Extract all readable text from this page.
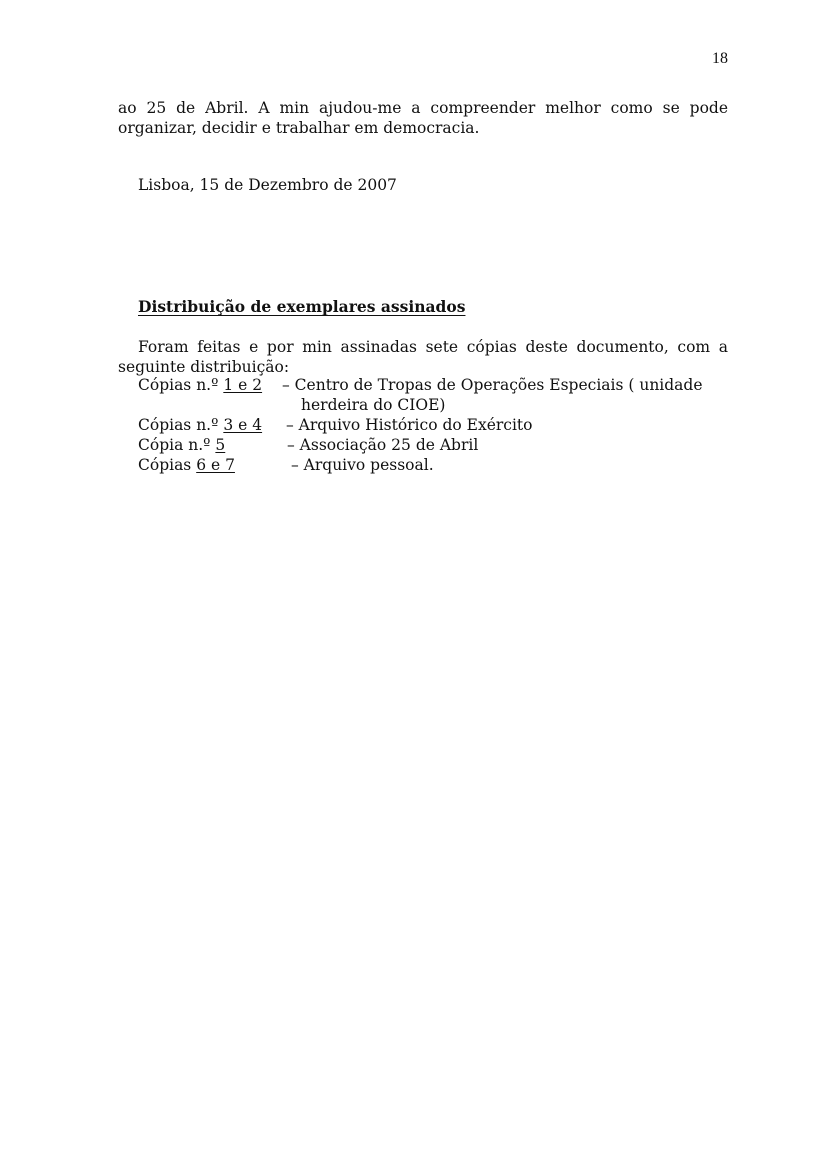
18

ao 25 de Abril. A min ajudou-me a compreender melhor como se pode
organizar, decidir e trabalhar em democracia.

Lisboa, 15 de Dezembro de 2007
Distribuição de exemplares assinados

Foram feitas e por min assinadas sete cópias deste documento, com a
seguinte distribuição:

Cópias n.º 1 e 2 – Centro de Tropas de Operações Especiais ( unidade
herdeira do CIOE)
Cópias n.º 3 e 4 – Arquivo Histórico do Exército
Cópia n.º 5	– Associação 25 de Abril
Cópias 6 e 7	– Arquivo pessoal.
